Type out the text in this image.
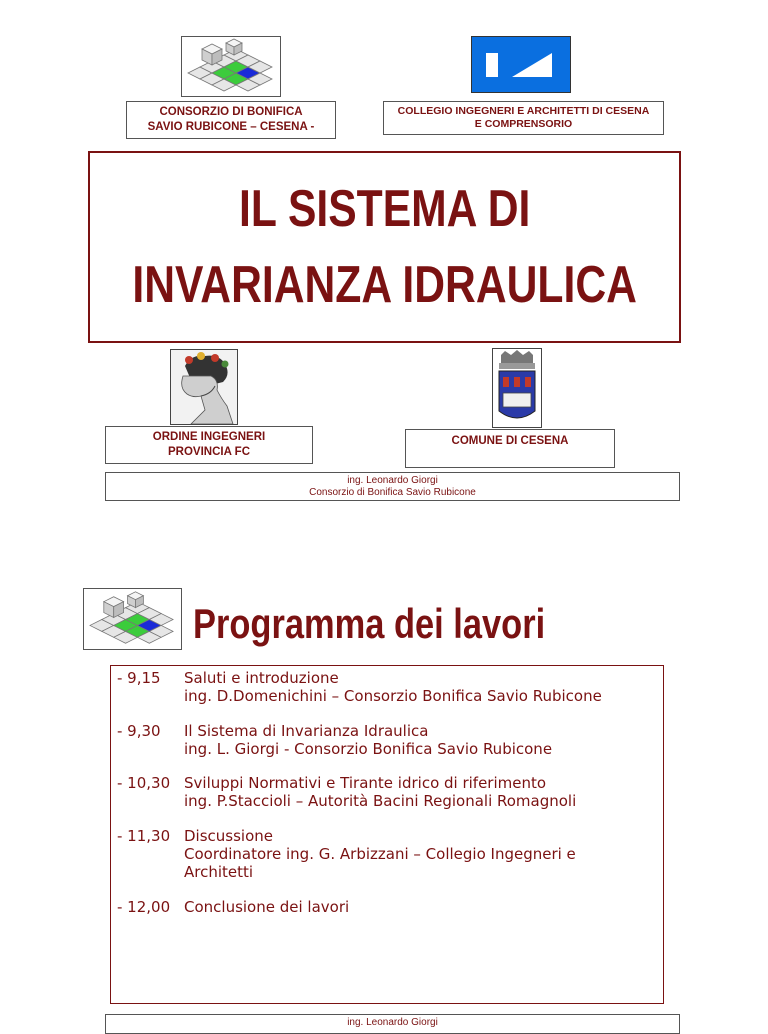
CONSORZIO DI BONIFICA
SAVIO RUBICONE – CESENA -
COLLEGIO INGEGNERI E ARCHITETTI DI CESENA
E COMPRENSORIO
IL SISTEMA DI
INVARIANZA IDRAULICA
ORDINE INGEGNERI
PROVINCIA FC
COMUNE DI CESENA
ing. Leonardo Giorgi
Consorzio di Bonifica Savio Rubicone
Programma dei lavori
- 9,15	Saluti e introduzione
ing. D.Domenichini – Consorzio Bonifica Savio Rubicone
- 9,30	Il Sistema di Invarianza Idraulica
ing. L. Giorgi - Consorzio Bonifica Savio Rubicone
- 10,30 Sviluppi Normativi e Tirante idrico di riferimento
ing. P.Staccioli – Autorità Bacini Regionali Romagnoli
- 11,30 Discussione
Coordinatore ing. G. Arbizzani – Collegio Ingegneri e Architetti
- 12,00 Conclusione dei lavori
ing. Leonardo Giorgi
